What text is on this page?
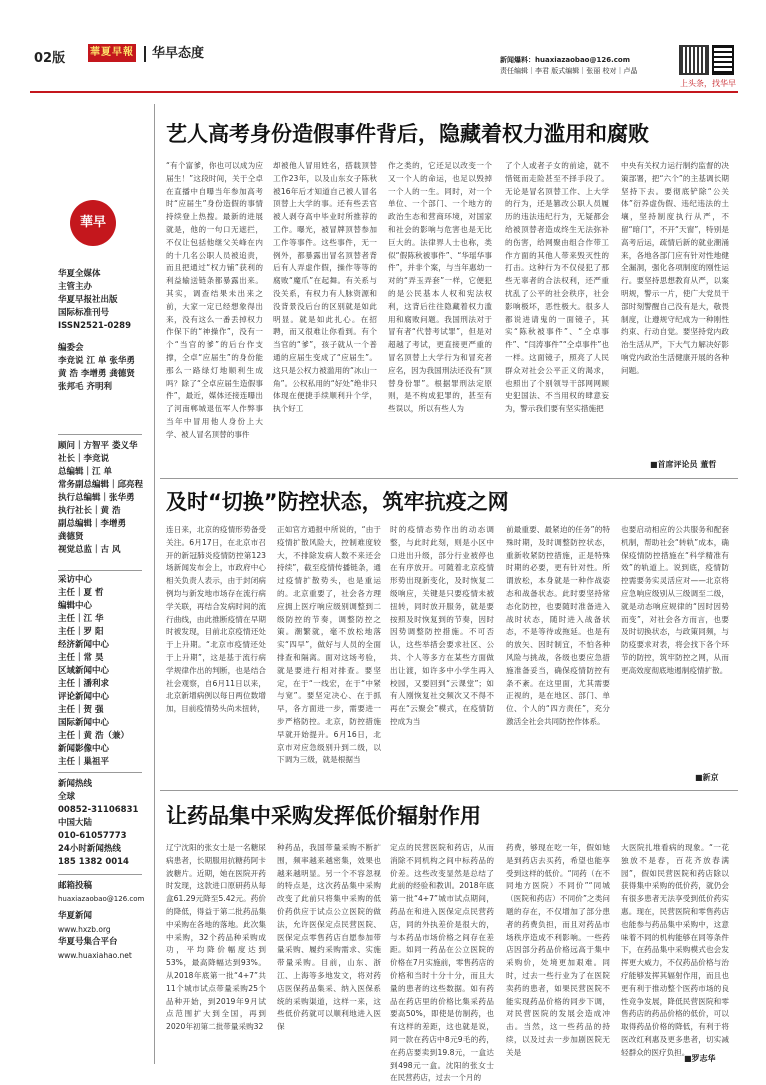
02版 華夏早報	华早态度	新闻爆料：huaxiazaobao@126.com
责任编辑｜李君 版式编辑｜张丽 校对｜卢晶
上头条，找华早
華早
华夏全媒体
主管主办
华夏早报社出版
国际标准刊号
ISSN2521-0289
编委会
李竞说 江 单 张华勇 黄 浩 李增勇 龚德贤 张邦毛 齐明利
顾问｜方智平 娄义华
社长｜李竞说
总编辑｜江 单
常务副总编辑｜邱亮程
执行总编辑｜张华勇
执行社长｜黄 浩
副总编辑｜李增勇
龚德贤
视觉总监｜古 风
采访中心
主任｜夏 哲
编辑中心
主任｜江 华
主任｜罗 阳
经济新闻中心
主任｜常 昊
区域新闻中心
主任｜潘利求
评论新闻中心
主任｜贺 强
国际新闻中心
主任｜黄 浩（兼）
新闻影像中心
主任｜巢祖平
新闻热线
全球
00852-31106831
中国大陆
010-61057773
24小时新闻热线
185 1382 0014
邮箱投稿
huaxiazaobao@126.com
华夏新闻
www.hxzb.org
华夏号集合平台
www.huaxiahao.net
艺人高考身份造假事件背后，隐藏着权力滥用和腐败
“有个富爹，你也可以成为应届生！”这段时间，关于仝卓在直播中自曝当年参加高考时“应届生”身份造假的事情持续登上热搜。最新的进展就是，他的一句口无遮拦，不仅让包括他继父关峰在内的十几名公职人员被追责，而且把通过“权力铺”获利的利益输送链条都暴露出来。其实，调查结果未出来之前，大家一定已经想象得出来，没有这么一番丢掉权力作保下的“神操作”，没有一个“当官的爹”的后台作支撑，仝卓“应届生”的身份能那么一路绿灯地顺利生成吗？除了“仝卓应届生造假事件”，最近，媒体还接连曝出了河南郸城退伍军人作弊事当年中冒用他人身份上大学、被人冒名顶替的事件
却被他人冒用姓名，搭载顶替工作23年，以及山东女子陈秋被16年后才知道自己被人冒名顶替上大学的事。还有些丢官被人剥夺高中毕业时所推荐的工作。曝光，被冒牌顶替参加工作等事件。这些事件，无一例外，都暴露出冒名顶替者背后有人弄虚作假，操作等等的腐败“魔爪”在起舞。有关系与没关系，有权力有人脉资源和没背景没后台的区别就是如此明显。就是如此扎心。在招聘，而又很难让你看到。有个当官的“爹”，孩子就从一个普通的应届生变成了“应届生”。这只是公权力被滥用的“冰山一角”。公权私用的“好处”绝非只体现在便捷手续顺利升个学，执个好工
作之类的，它还足以改变一个又一个人的命运，也足以毁掉一个人的一生。同时，对一个单位、一个部门、一个地方的政治生态和营商环境，对国家和社会的影响与危害也是无比巨大的。法律界人士也称，类似“假陈秋被事件”、“华瑶华事件”，并非个案，与当年惠幼一对的“弄玉弄套”一样，它便犯的是公民基本人权和宪法权利，这背后往往隐藏着权力滥用和腐败问题。我国刑法对于冒有者“代替考试罪”，但是对超越了考试，更直接更严重的冒名顶替上大学行为和冒充者应名，因为我国刑法还没有“顶替身份罪”。根据罪刑法定原则，是不构成犯罪的，甚至有些误以，所以有些人为
了个人或者子女的前途，就不惜铤而走险甚至不择手段了。无论是冒名顶替工作、上大学的行为，还是篡改公职人员履历的违法违纪行为，无疑都会给被顶替者造成终生无法弥补的伤害，给网聚由组合作带工作方面的其他人带来毁灭性的打击。这种行为不仅侵犯了那些无辜者的合法权利，还严重扰乱了公平的社会秩序，社会影响极坏，恶性极大。很多人都说进请鬼的一面镜子，其实“陈秋被事件”、“仝卓事件”、“闫涛事件”“仝卓事件”也一样。这面镜子，照亮了人民群众对社会公平正义的渴求，也照出了个别领导干部网网顾史犯国法、不当用权的肆意妄为，警示我们要有坚实措施把
中央有关权力运行制约监督的决策部署，把“六个”的主基调长期坚持下去。要彻底铲除“公关体”衍养虚伪假、违纪违法的土壤，坚持制度执行从严，不留“暗门”，不开“天窗”，特别是高考后运，疏情后新的就业潮涌来，各地各部门应有针对性地健全漏洞，强化各项制度的刚性运行。要坚持思想教育从严，以案明规，警示一片，使广大党员干部时刻警醒自己没有是大，敬畏制度，让遵规守纪成为一种刚性约束、行动自觉。要坚持党内政治生活从严，下大气力解决好影响党内政治生活健康开展的各种问题。
■首席评论员 董哲
及时“切换”防控状态，筑牢抗疫之网
连日来，北京的疫情形势备受关注。6月17日，在北京市召开的新冠肺炎疫情防控第123场新闻发布会上，市政府中心相关负责人表示，由于封闭病例均与新发地市场存在流行病学关联，再结合发病时间的流行曲线，由此推断疫情在早期时被发现，目前北京疫情还处于上升期。“北京市疫情还处于上升期”，这是基于流行病学规律作出的判断，也是结合社会观察，自6月11日以来，北京新增病例以每日两位数增加，目前疫情势头尚未扭转，
正如官方通报中所说的，“由于疫情扩散风险大，控制难度较大，不排除发病人数不来还会持续”，截至疫情传播链条，通过疫情扩散势头，也是重运的。北京重要了，社会各方理应拥上医疗响应级别调整到二级防控的节奏，调整防控之策。潮繁就，毫不放松地落实“四早”，做好与人员的全面排查和隔离。面对这场考验，就是要进行相对排查。要坚定，在于“一线宏，在于“中紧与宽”。要坚定决心、在于抓早，各方面进一步，需要进一步严格防控。北京，防控措施早就开始提升。6月16日，北京市对应急级别升到二级，以下调为三级，就是根据当
时的疫情态势作出的动态调整，与此时此刻，则是小区中口进出升级，部分行业被停也在有序放开。可随着北京疫情形势出现新变化，及时恢复二级响应，关键是只要疫情未被扭转，同时放开服务，就是要按照及时恢复到的节奏，因时因势调整防控措施。不可否认，这些举措会要求社区、公共、个人等多方在某些方面做出让渡，如许多中小学生再入校园，又要回到“云课堂”；如有人刚恢复社交频次又不得不再在“云聚会”模式，在疫情防控成为当
前最重要、最紧迫的任务”的特殊时期，及时调整防控状态，重新收紧防控措施，正是特殊时期的必要，更有针对性。所谓放松，本身就是一种作战姿态和战备状态。此时要坚持常态化防控，也要随时准备进入战时状态，随时进入战备状态，不是等待或拖延。也是有的放矢、因时制宜，不怕各种风险与挑战，各级也要应急措施准备妥当，确保疫情防控有条不紊。在这里面，尤其需要正视的，是在地区、部门、单位、个人的“四方责任”，充分激活全社会共同防控作体系。
也要启动相应的公共服务和配套机制，帮助社会“转轨”成本，确保疫情防控措施在“科学精准有效”的轨道上。说到底，疫情防控需要务实灵活应对——北京将应急响应级别从三级调至二级，就是动态响应规律的“因时因势而变”，对社会各方而言，也要及时切换状态，与政策同频，与防疫要求对表，将会找下各个环节的防控，筑牢防控之网，从而更高效度彻底地遏制疫情扩散。
■新京
让药品集中采购发挥低价辐射作用
辽宁沈阳的张女士是一名糖尿病患者，长期服用抗糖药阿卡波糖片。近期，她在医院开药时发现，这款进口原研药从每盒61.29元降至5.42元。药价的降低，得益于第二批药品集中采购在各地的落地。此次集中采购，32个药品种采购成功，平均降价幅度达到53%，最高降幅达到93%。从2018年底第一批“4+7”共11个城市试点带量采购25个品种开始，到2019年9月试点范围扩大到全国，再到2020年初第二批带量采购32
种药品，我国带量采购不断扩围，频率越来越密集，效果也越来越明显。另一个不容忽视的特点是，这次药品集中采购改变了此前只将集中采购的低价药供应于试点公立医院的做法，允许医保定点民营医院、医保定点零售药店自愿参加带量采购、履约采购需求、实施带量采购。目前，山东、浙江、上海等多地发文，将对药店医保药品集采、纳入医保系统的采购渠道，这样一来，这些低价药就可以顺利地进入医保
定点的民营医院和药店，从而消除不同机构之间中标药品的价差。这些改变显然是总结了此前的经验和教训。2018年底第一批“4+7”城市试点期间，药品在和进入医保定点民营药店，同的外执差价是很大的，与本药品市场价格之间存在差距。如同一药品在公立医院的价格在7月实施前，零售药店的价格和当时十分十分，而且大量的患者的这些数据。如有药品在药店里的价格比集采药品要高50%，即使是仿制药，也有这样的差距，这也就是说，同一款在药店中8元9毛的药，在药店要卖到19.8元，一盒达到498元一盒。沈阳的张女士在民营药店，过去一个月的
药费，够现在吃一年，假如她是到药店去买药，希望也能享受到这样的低价。“同药（在不同地方医院）不同价”“同城（医院和药店）不同价”之类问题的存在，不仅增加了部分患者的药费负担，而且对药品市场秩序造成不利影响。一些药店因部分药品价格远高于集中采购价，处境更加艰难。同时，过去一些行业为了在医院卖药的患者，如果民营医院不能实现药品价格的同步下调，对民营医院的发展会造成冲击。当然，这一些药品的持续，以及过去一步加剧医院无关是
大医院扎堆看病的现象。“一花独放不是春，百花齐放春满园”，假如民营医院和药店除以获得集中采购的低价药，就仍会有很多患者无法享受到低价药实惠。现在，民营医院和零售药店也能参与药品集中采购中，这意味着不同的机构能够在同等条件下，在药品集中采购模式也会发挥更大威力，不仅药品价格与治疗能够发挥其辐射作用，而且也更有利于推动整个医药市场的良性竞争发展，降低民营医院和零售药店的药品价格的低价，可以取得药品价格的降低，有利于将医改红利惠及更多患者，切实减轻群众的医疗负担。
■罗志华
